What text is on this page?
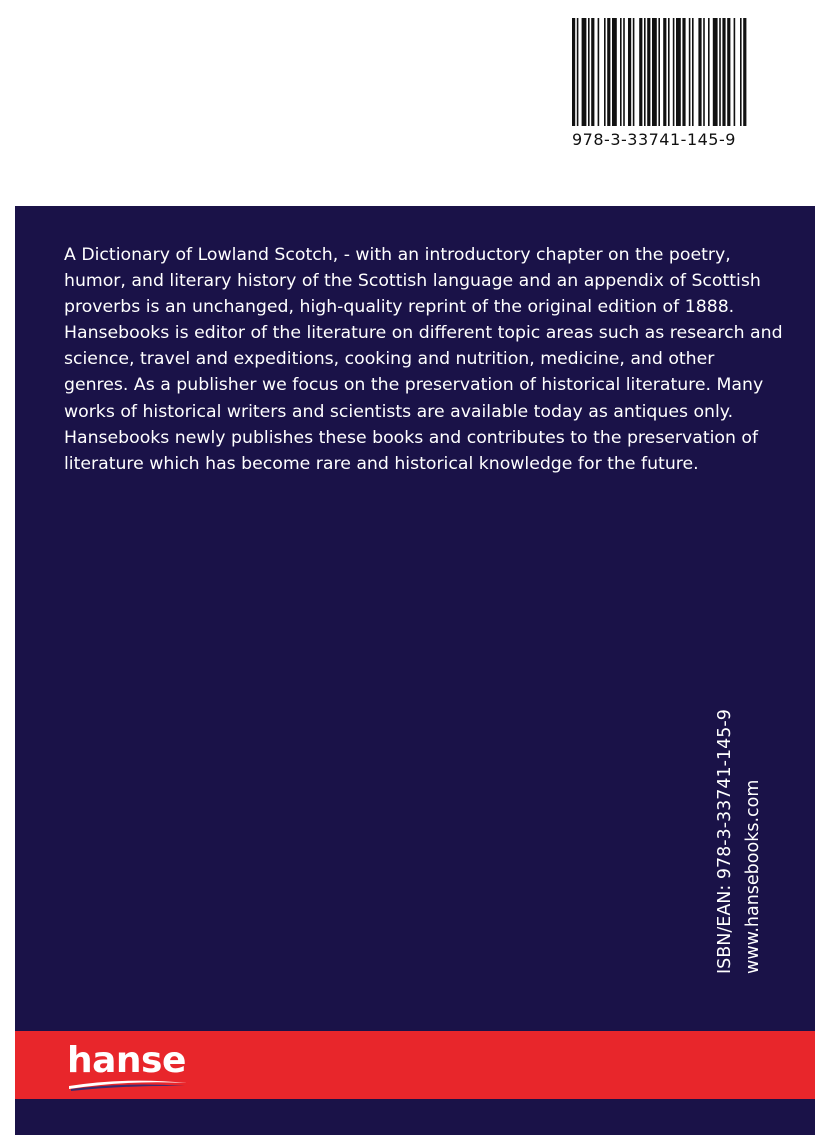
978-3-33741-145-9

A Dictionary of Lowland Scotch, - with an introductory chapter on the poetry, humor, and literary history of the Scottish language and an appendix of Scottish proverbs is an unchanged, high-quality reprint of the original edition of 1888.

Hansebooks is editor of the literature on different topic areas such as research and science, travel and expeditions, cooking and nutrition, medicine, and other genres. As a publisher we focus on the preservation of historical literature. Many works of historical writers and scientists are available today as antiques only. Hansebooks newly publishes these books and contributes to the preservation of literature which has become rare and historical knowledge for the future.

ISBN/EAN: 978-3-33741-145-9 www.hansebooks.com
hanse
